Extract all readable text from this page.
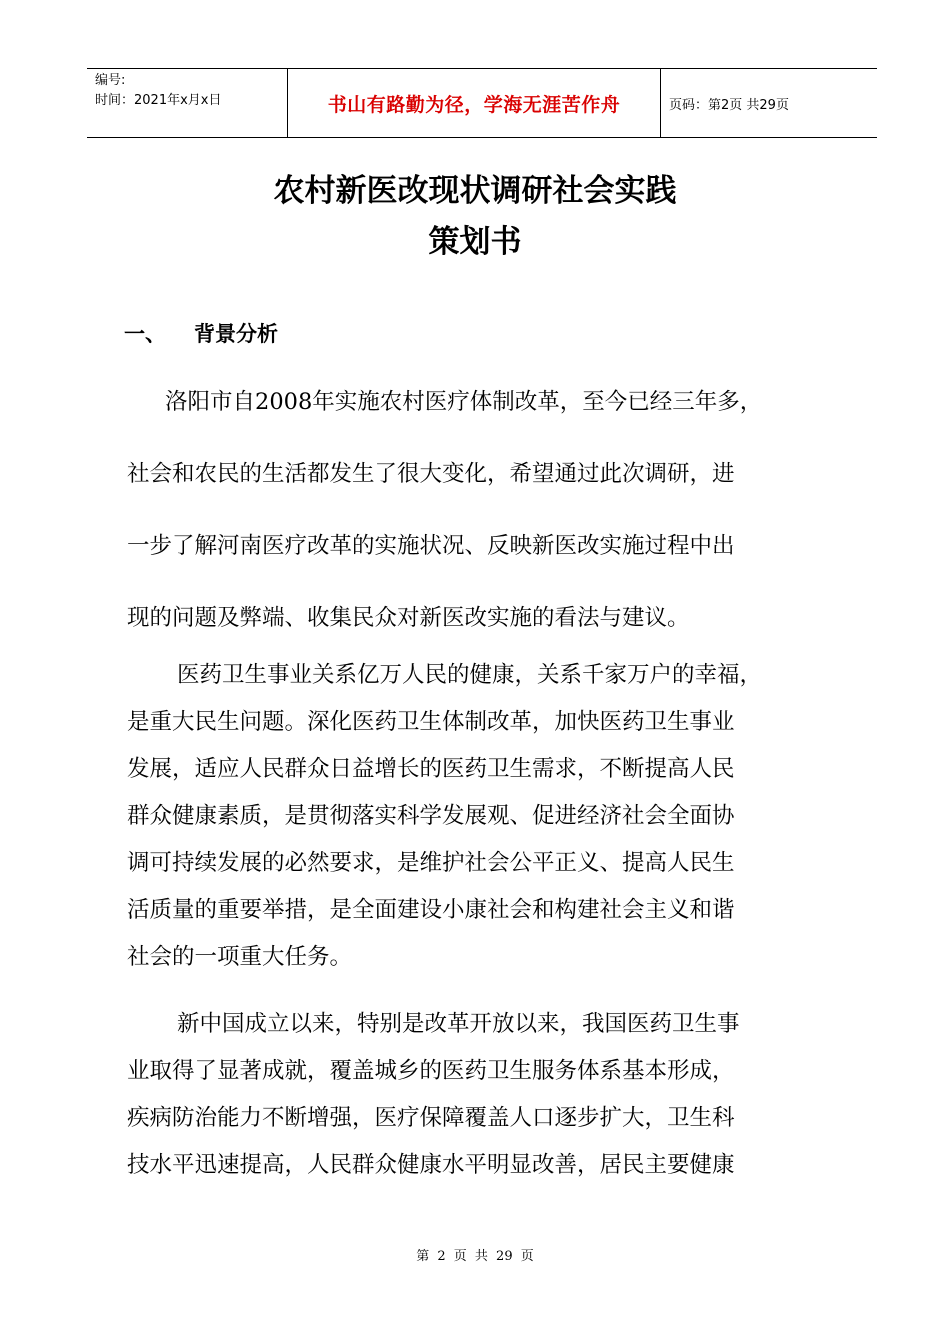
编号:
时间：2021年x月x日	书山有路勤为径，学海无涯苦作舟	页码：第2页 共29页
农村新医改现状调研社会实践
策划书
一、 背景分析
洛阳市自2008年实施农村医疗体制改革，至今已经三年多，
社会和农民的生活都发生了很大变化，希望通过此次调研，进
一步了解河南医疗改革的实施状况、反映新医改实施过程中出
现的问题及弊端、收集民众对新医改实施的看法与建议。
医药卫生事业关系亿万人民的健康，关系千家万户的幸福，
是重大民生问题。深化医药卫生体制改革，加快医药卫生事业
发展，适应人民群众日益增长的医药卫生需求，不断提高人民
群众健康素质，是贯彻落实科学发展观、促进经济社会全面协
调可持续发展的必然要求，是维护社会公平正义、提高人民生
活质量的重要举措，是全面建设小康社会和构建社会主义和谐
社会的一项重大任务。
新中国成立以来，特别是改革开放以来，我国医药卫生事
业取得了显著成就，覆盖城乡的医药卫生服务体系基本形成，
疾病防治能力不断增强，医疗保障覆盖人口逐步扩大，卫生科
技水平迅速提高，人民群众健康水平明显改善，居民主要健康
第 2 页 共 29 页
